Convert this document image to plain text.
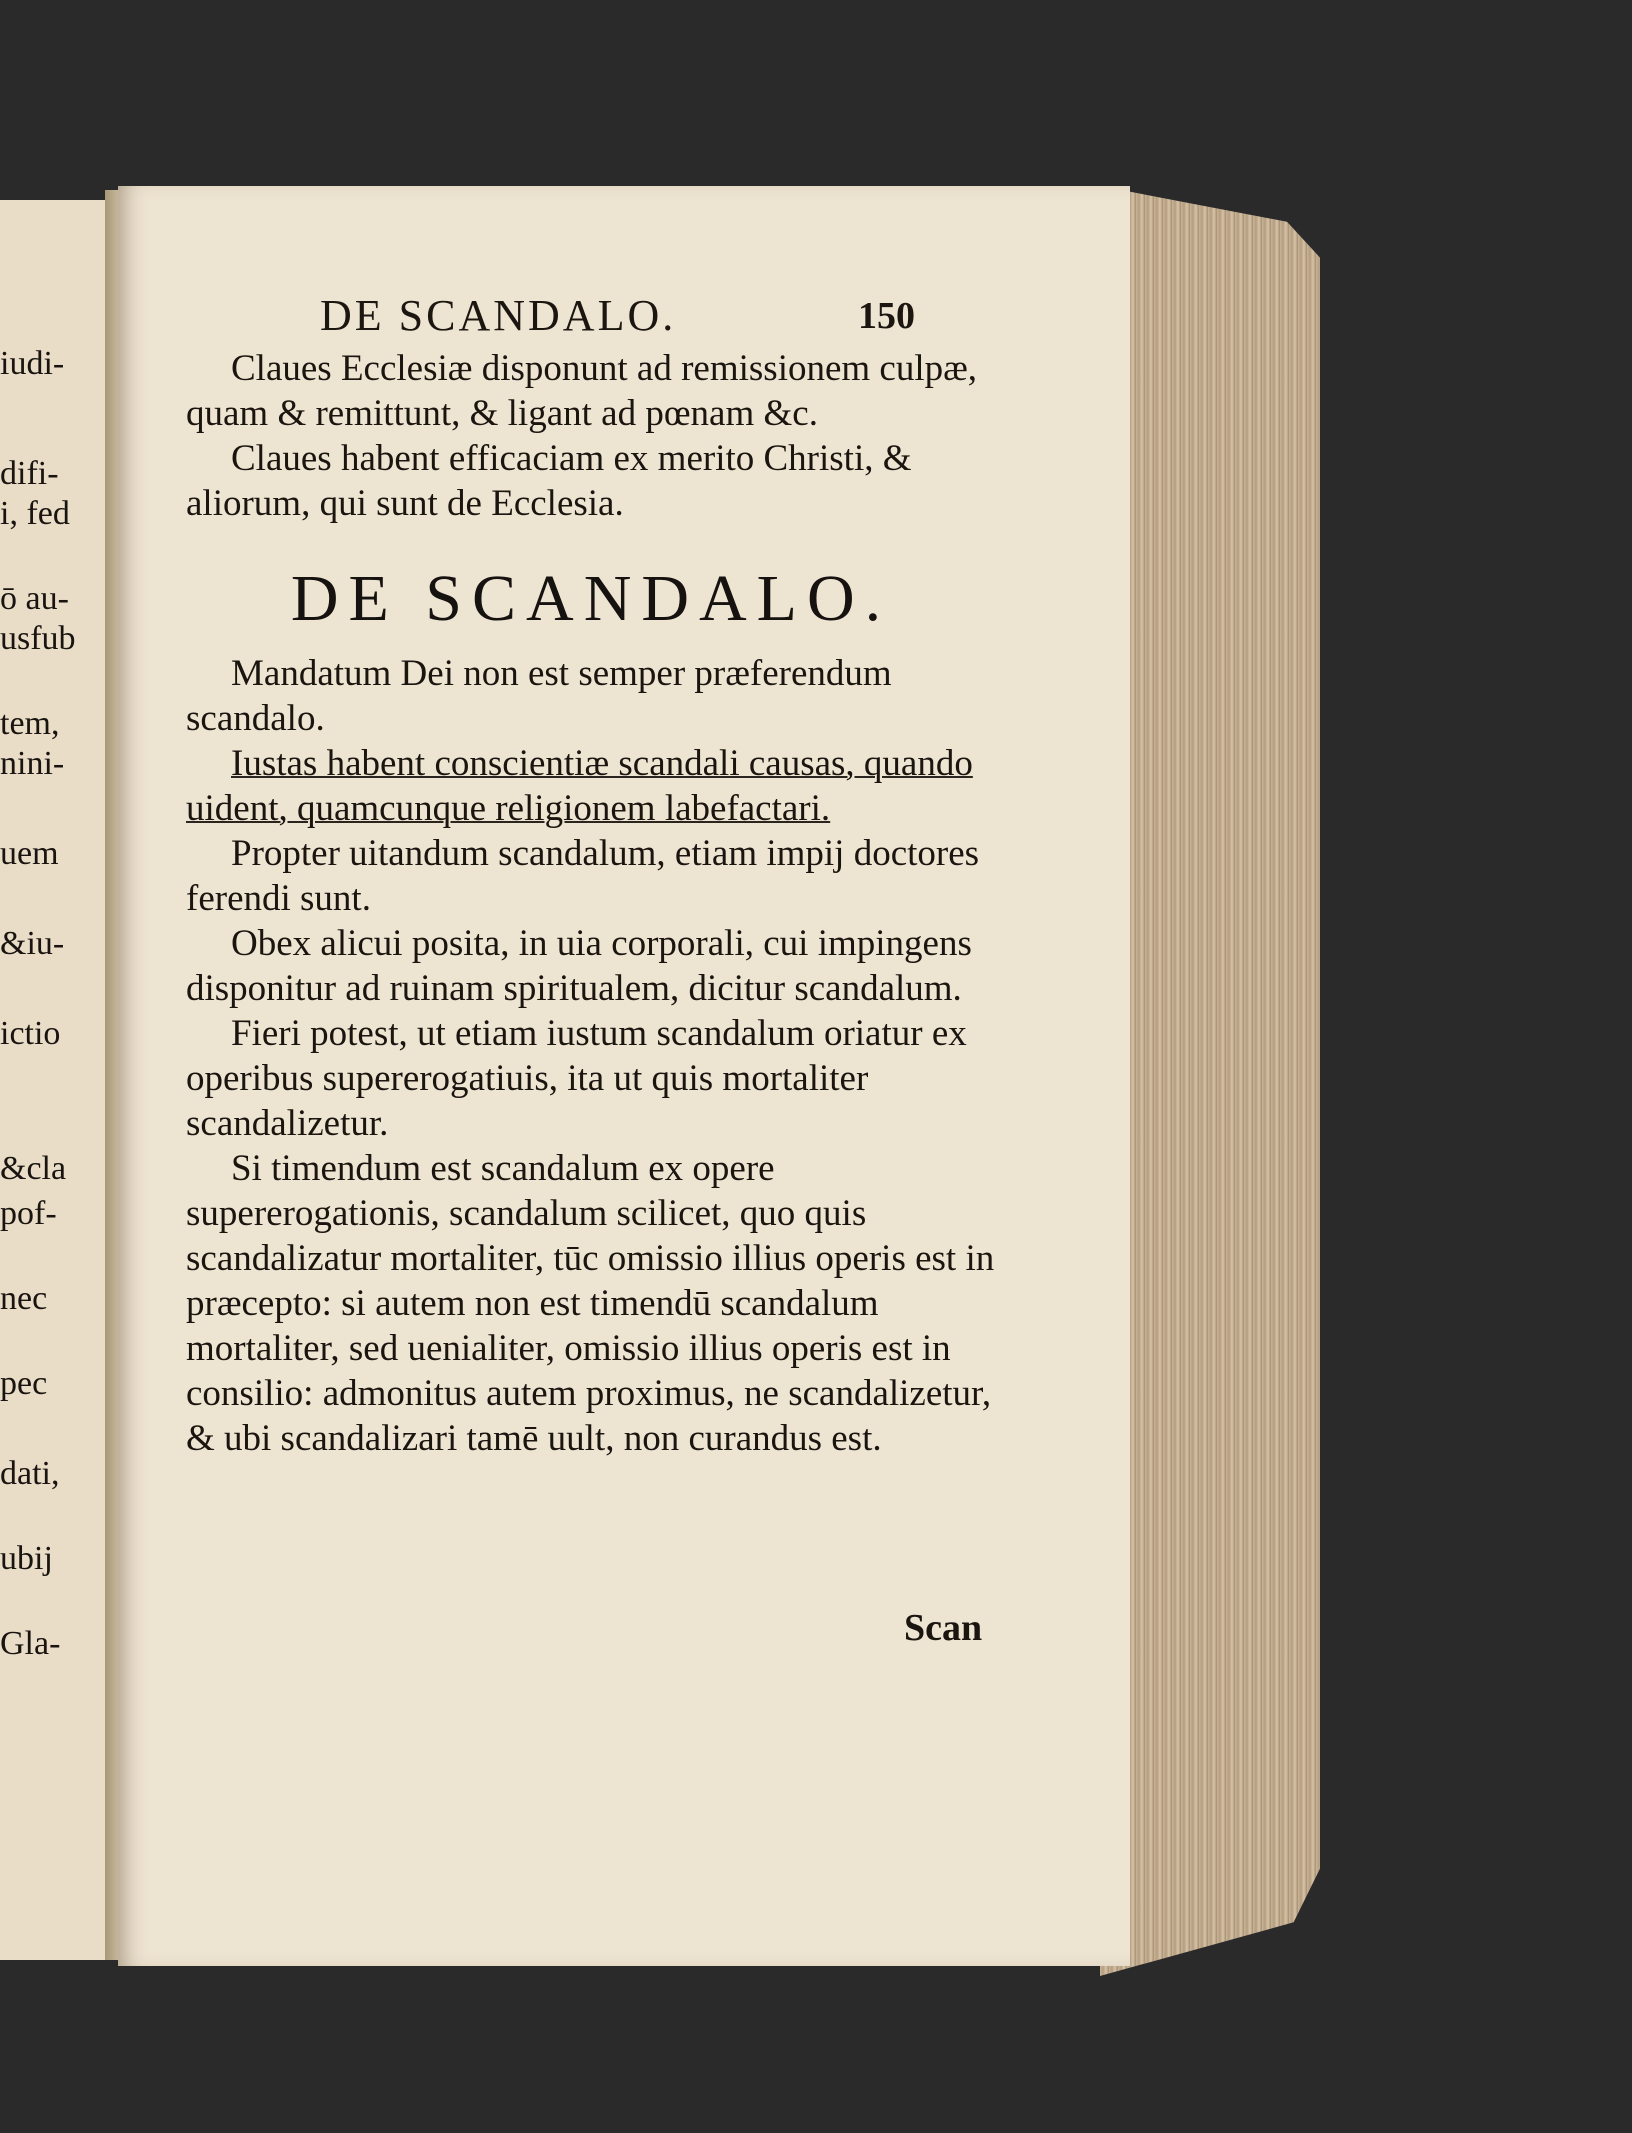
iudi-
difi-
i, fed
ō au-
usfub
tem,
nini-
uem
&iu-
ictio
&cla
pof-
nec
pec
dati,
ubij
Gla-
DE SCANDALO.	150

Claues Ecclesiæ disponunt ad remissionem culpæ, quam & remittunt, & ligant ad pœnam &c.

Claues habent efficaciam ex merito Christi, & aliorum, qui sunt de Ecclesia.

DE SCANDALO.

Mandatum Dei non est semper præferendum scandalo.

Iustas habent conscientiæ scandali causas, quando uident, quamcunque religionem labefactari.

Propter uitandum scandalum, etiam impij doctores ferendi sunt.

Obex alicui posita, in uia corporali, cui impingens disponitur ad ruinam spiritualem, dicitur scandalum.

Fieri potest, ut etiam iustum scandalum oriatur ex operibus supererogatiuis, ita ut quis mortaliter scandalizetur.

Si timendum est scandalum ex opere supererogationis, scandalum scilicet, quo quis scandalizatur mortaliter, tūc omissio illius operis est in præcepto: si autem non est timendū scandalum mortaliter, sed uenialiter, omissio illius operis est in consilio: admonitus autem proximus, ne scandalizetur, & ubi scandalizari tamē uult, non curandus est.

Scan
